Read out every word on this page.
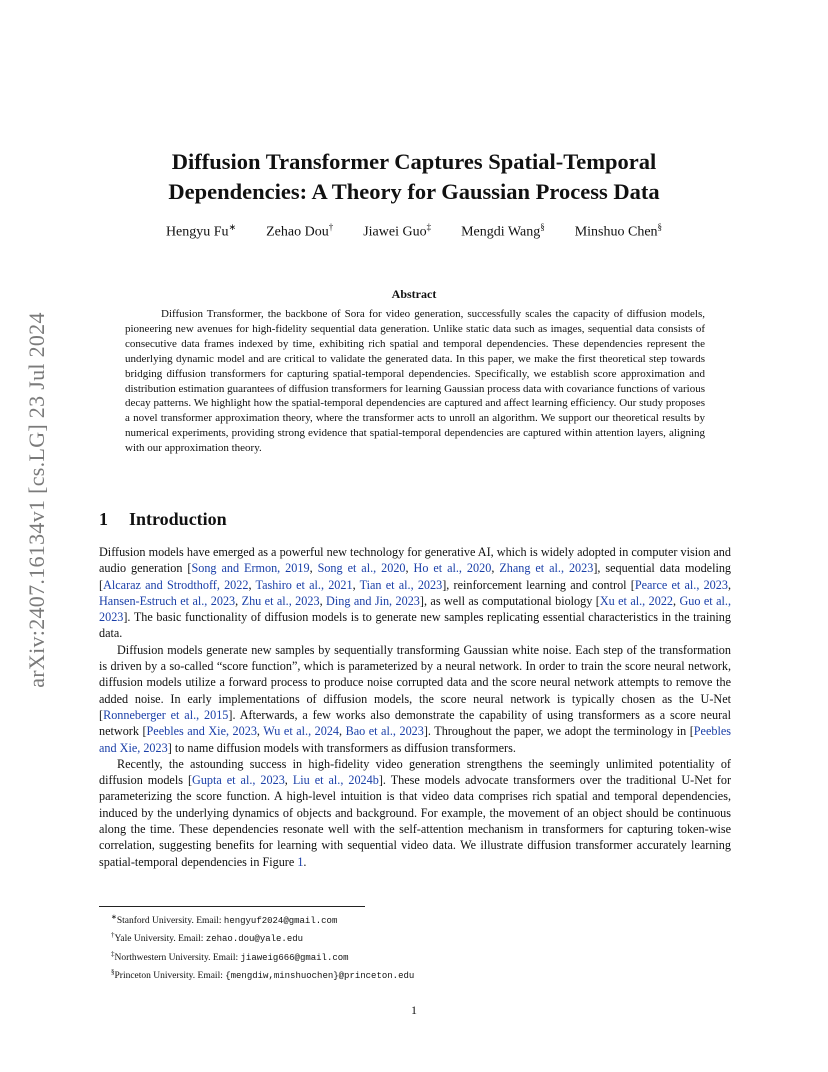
arXiv:2407.16134v1 [cs.LG] 23 Jul 2024
Diffusion Transformer Captures Spatial-Temporal
Dependencies: A Theory for Gaussian Process Data
Hengyu Fu∗ Zehao Dou† Jiawei Guo‡ Mengdi Wang§ Minshuo Chen§
Abstract
Diffusion Transformer, the backbone of Sora for video generation, successfully scales the capacity of diffusion models, pioneering new avenues for high-fidelity sequential data generation. Unlike static data such as images, sequential data consists of consecutive data frames indexed by time, exhibiting rich spatial and temporal dependencies. These dependencies represent the underlying dynamic model and are critical to validate the generated data. In this paper, we make the first theoretical step towards bridging diffusion transformers for capturing spatial-temporal dependencies. Specifically, we establish score approximation and distribution estimation guarantees of diffusion transformers for learning Gaussian process data with covariance functions of various decay patterns. We highlight how the spatial-temporal dependencies are captured and affect learning efficiency. Our study proposes a novel transformer approximation theory, where the transformer acts to unroll an algorithm. We support our theoretical results by numerical experiments, providing strong evidence that spatial-temporal dependencies are captured within attention layers, aligning with our approximation theory.
1 Introduction

Diffusion models have emerged as a powerful new technology for generative AI, which is widely adopted in computer vision and audio generation [Song and Ermon, 2019, Song et al., 2020, Ho et al., 2020, Zhang et al., 2023], sequential data modeling [Alcaraz and Strodthoff, 2022, Tashiro et al., 2021, Tian et al., 2023], reinforcement learning and control [Pearce et al., 2023, Hansen-Estruch et al., 2023, Zhu et al., 2023, Ding and Jin, 2023], as well as computational biology [Xu et al., 2022, Guo et al., 2023]. The basic functionality of diffusion models is to generate new samples replicating essential characteristics in the training data.

Diffusion models generate new samples by sequentially transforming Gaussian white noise. Each step of the transformation is driven by a so-called “score function”, which is parameterized by a neural network. In order to train the score neural network, diffusion models utilize a forward process to produce noise corrupted data and the score neural network attempts to remove the added noise. In early implementations of diffusion models, the score neural network is typically chosen as the U-Net [Ronneberger et al., 2015]. Afterwards, a few works also demonstrate the capability of using transformers as a score neural network [Peebles and Xie, 2023, Wu et al., 2024, Bao et al., 2023]. Throughout the paper, we adopt the terminology in [Peebles and Xie, 2023] to name diffusion models with transformers as diffusion transformers.

Recently, the astounding success in high-fidelity video generation strengthens the seemingly unlimited potentiality of diffusion models [Gupta et al., 2023, Liu et al., 2024b]. These models advocate transformers over the traditional U-Net for parameterizing the score function. A high-level intuition is that video data comprises rich spatial and temporal dependencies, induced by the underlying dynamics of objects and background. For example, the movement of an object should be continuous along the time. These dependencies resonate well with the self-attention mechanism in transformers for capturing token-wise correlation, suggesting benefits for learning with sequential video data. We illustrate diffusion transformer accurately learning spatial-temporal dependencies in Figure 1.

∗Stanford University. Email: hengyuf2024@gmail.com
†Yale University. Email: zehao.dou@yale.edu
‡Northwestern University. Email: jiaweig666@gmail.com
§Princeton University. Email: {mengdiw,minshuochen}@princeton.edu
1
